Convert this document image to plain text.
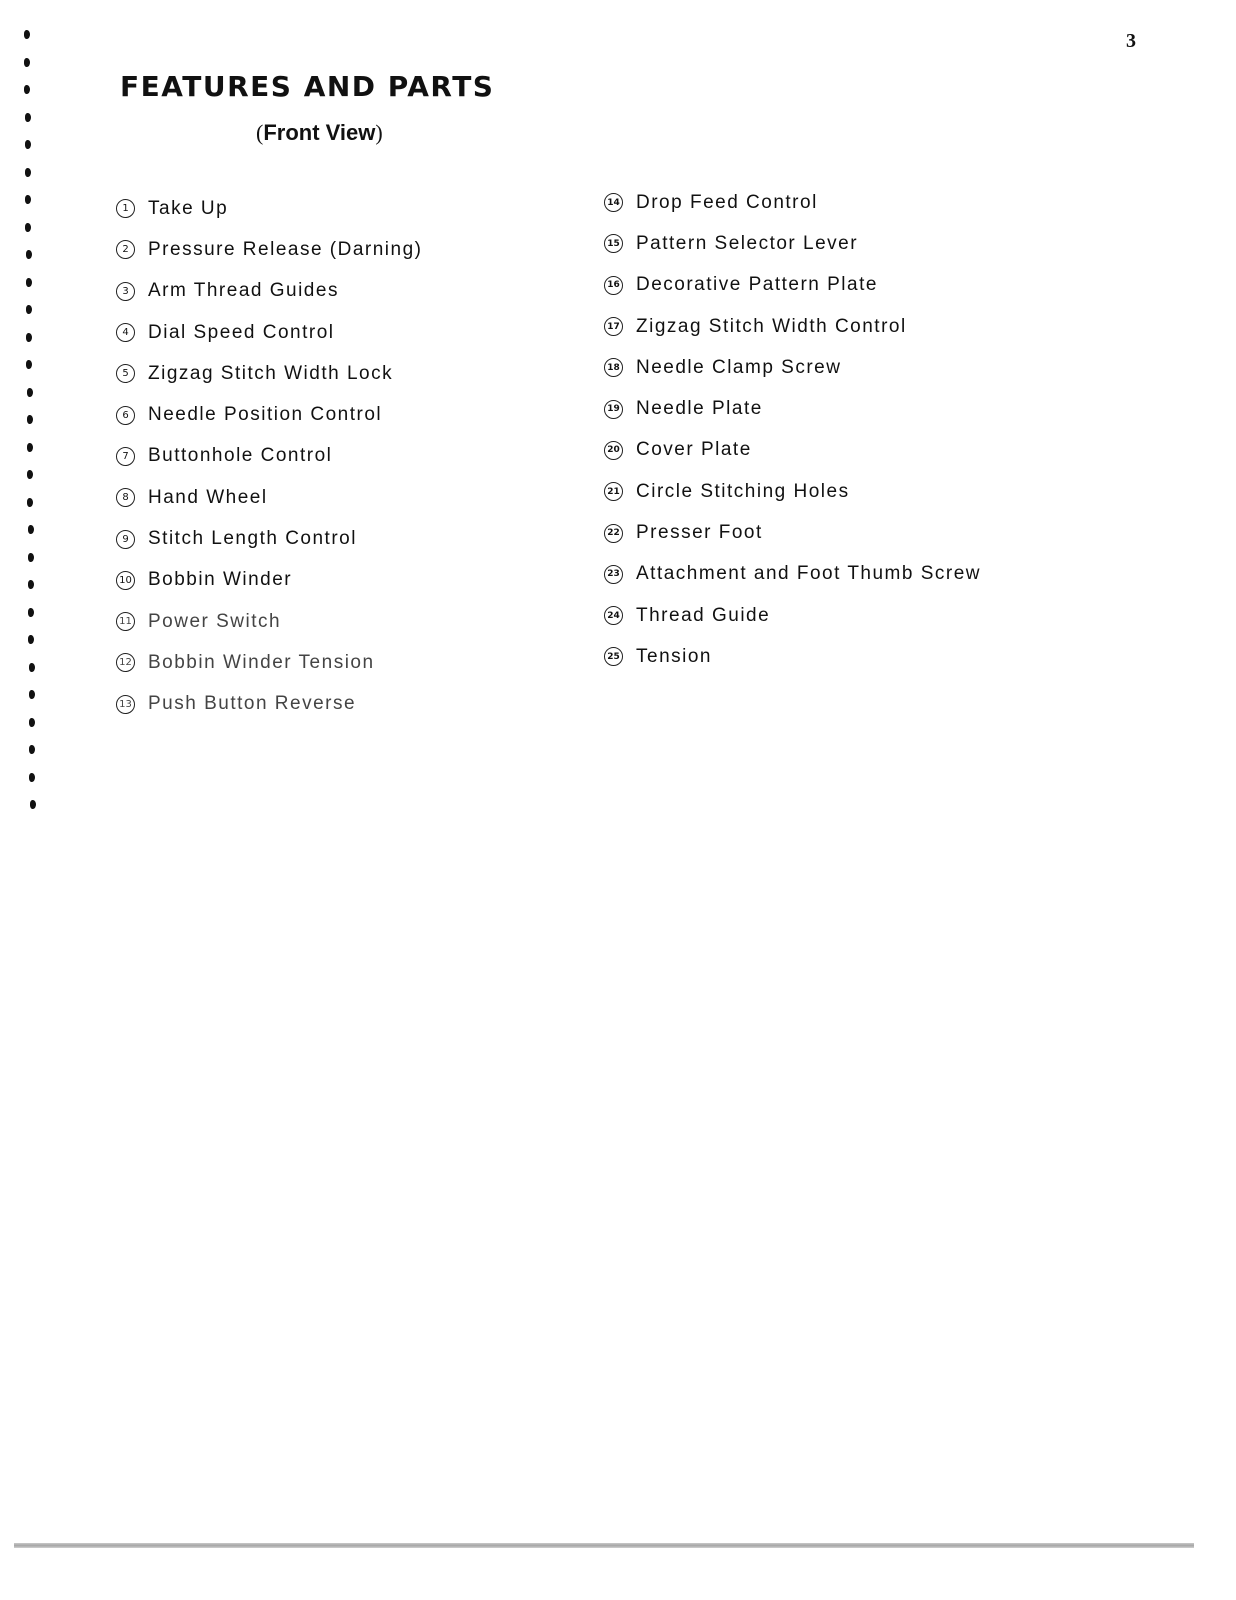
3
FEATURES AND PARTS
(Front View)
1	Take Up
2	Pressure Release (Darning)
3	Arm Thread Guides
4	Dial Speed Control
5	Zigzag Stitch Width Lock
6	Needle Position Control
7	Buttonhole Control
8	Hand Wheel
9	Stitch Length Control
10 Bobbin Winder
11 Power Switch
12 Bobbin Winder Tension
13 Push Button Reverse
14 Drop Feed Control
15 Pattern Selector Lever
16 Decorative Pattern Plate
17 Zigzag Stitch Width Control
18 Needle Clamp Screw
19 Needle Plate
20 Cover Plate
21 Circle Stitching Holes
22 Presser Foot
23 Attachment and Foot Thumb Screw
24 Thread Guide
25 Tension
